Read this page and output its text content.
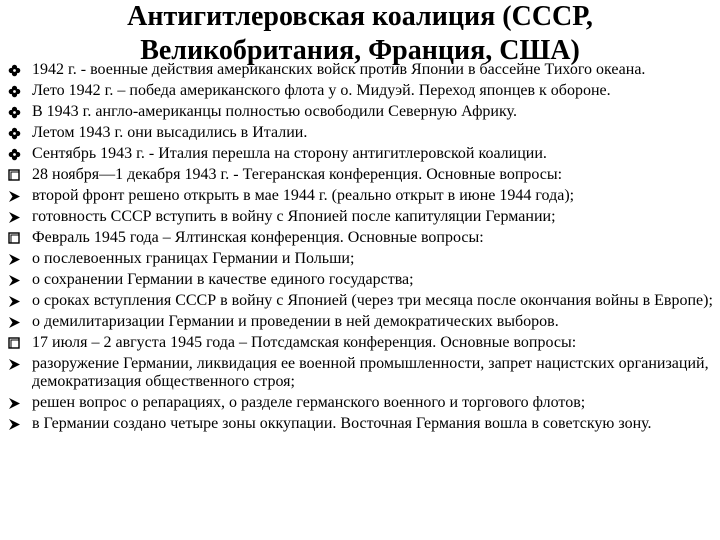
Антигитлеровская коалиция (СССР,
Великобритания, Франция, США)
1942 г. - военные действия американских войск против Японии в бассейне Тихого океана.
Лето 1942 г. – победа американского флота у о. Мидуэй. Переход японцев к обороне.
В 1943 г. англо-американцы полностью освободили Северную Африку.
Летом 1943 г. они высадились в Италии.
Сентябрь 1943 г. - Италия перешла на сторону антигитлеровской коалиции.
28 ноября—1 декабря 1943 г. - Тегеранская конференция. Основные вопросы:
второй фронт решено открыть в мае 1944 г. (реально открыт в июне 1944 года);
готовность СССР вступить в войну с Японией после капитуляции Германии;
Февраль 1945 года – Ялтинская конференция. Основные вопросы:
о послевоенных границах Германии и Польши;
о сохранении Германии в качестве единого государства;
о сроках вступления СССР в войну с Японией (через три месяца после окончания войны в Европе);
о демилитаризации Германии и проведении в ней демократических выборов.
17 июля – 2 августа 1945 года – Потсдамская конференция. Основные вопросы:
разоружение Германии, ликвидация ее военной промышленности, запрет нацистских организаций, демократизация общественного строя;
решен вопрос о репарациях, о разделе германского военного и торгового флотов;
в Германии создано четыре зоны оккупации. Восточная Германия вошла в советскую зону.
